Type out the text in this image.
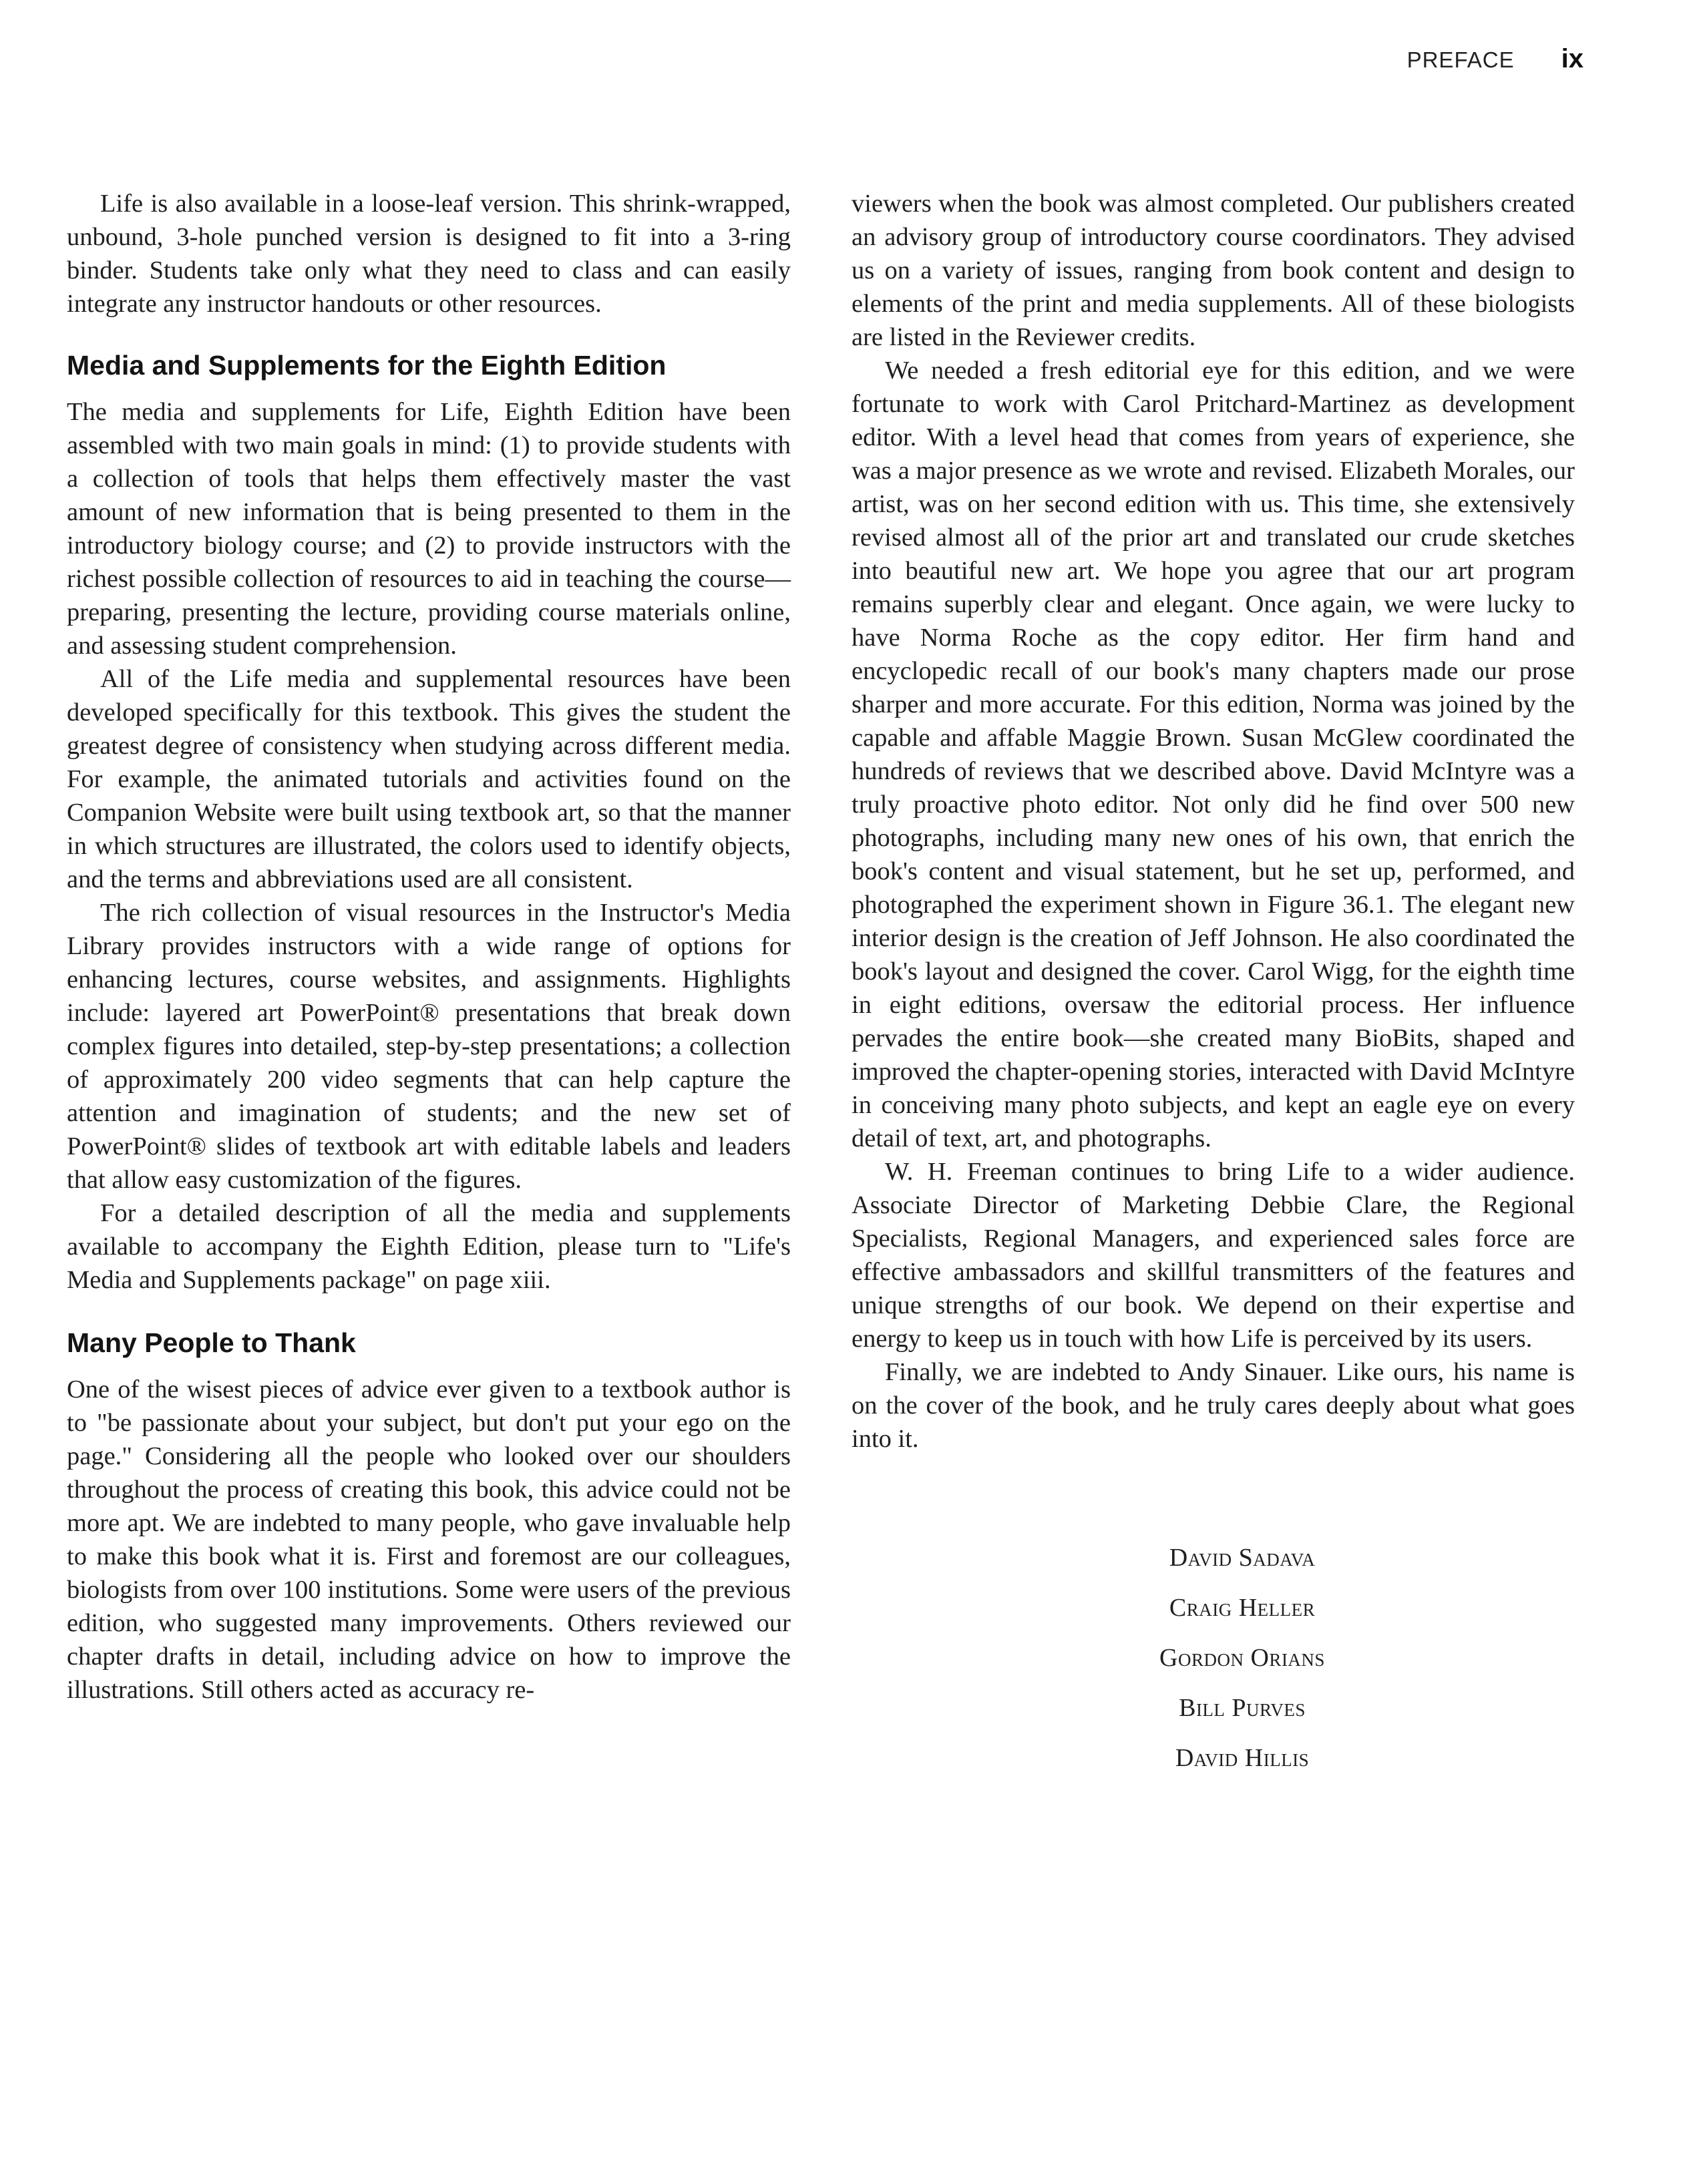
PREFACE ix

Life is also available in a loose-leaf version. This shrink-wrapped, unbound, 3-hole punched version is designed to fit into a 3-ring binder. Students take only what they need to class and can easily integrate any instructor handouts or other resources.

Media and Supplements for the Eighth Edition

The media and supplements for Life, Eighth Edition have been assembled with two main goals in mind: (1) to provide students with a collection of tools that helps them effectively master the vast amount of new information that is being presented to them in the introductory biology course; and (2) to provide instructors with the richest possible collection of resources to aid in teaching the course—preparing, presenting the lecture, providing course materials online, and assessing student comprehension.

All of the Life media and supplemental resources have been developed specifically for this textbook. This gives the student the greatest degree of consistency when studying across different media. For example, the animated tutorials and activities found on the Companion Website were built using textbook art, so that the manner in which structures are illustrated, the colors used to identify objects, and the terms and abbreviations used are all consistent.

The rich collection of visual resources in the Instructor's Media Library provides instructors with a wide range of options for enhancing lectures, course websites, and assignments. Highlights include: layered art PowerPoint® presentations that break down complex figures into detailed, step-by-step presentations; a collection of approximately 200 video segments that can help capture the attention and imagination of students; and the new set of PowerPoint® slides of textbook art with editable labels and leaders that allow easy customization of the figures.

For a detailed description of all the media and supplements available to accompany the Eighth Edition, please turn to "Life's Media and Supplements package" on page xiii.

Many People to Thank

One of the wisest pieces of advice ever given to a textbook author is to "be passionate about your subject, but don't put your ego on the page." Considering all the people who looked over our shoulders throughout the process of creating this book, this advice could not be more apt. We are indebted to many people, who gave invaluable help to make this book what it is. First and foremost are our colleagues, biologists from over 100 institutions. Some were users of the previous edition, who suggested many improvements. Others reviewed our chapter drafts in detail, including advice on how to improve the illustrations. Still others acted as accuracy re-

viewers when the book was almost completed. Our publishers created an advisory group of introductory course coordinators. They advised us on a variety of issues, ranging from book content and design to elements of the print and media supplements. All of these biologists are listed in the Reviewer credits.

We needed a fresh editorial eye for this edition, and we were fortunate to work with Carol Pritchard-Martinez as development editor. With a level head that comes from years of experience, she was a major presence as we wrote and revised. Elizabeth Morales, our artist, was on her second edition with us. This time, she extensively revised almost all of the prior art and translated our crude sketches into beautiful new art. We hope you agree that our art program remains superbly clear and elegant. Once again, we were lucky to have Norma Roche as the copy editor. Her firm hand and encyclopedic recall of our book's many chapters made our prose sharper and more accurate. For this edition, Norma was joined by the capable and affable Maggie Brown. Susan McGlew coordinated the hundreds of reviews that we described above. David McIntyre was a truly proactive photo editor. Not only did he find over 500 new photographs, including many new ones of his own, that enrich the book's content and visual statement, but he set up, performed, and photographed the experiment shown in Figure 36.1. The elegant new interior design is the creation of Jeff Johnson. He also coordinated the book's layout and designed the cover. Carol Wigg, for the eighth time in eight editions, oversaw the editorial process. Her influence pervades the entire book—she created many BioBits, shaped and improved the chapter-opening stories, interacted with David McIntyre in conceiving many photo subjects, and kept an eagle eye on every detail of text, art, and photographs.

W. H. Freeman continues to bring Life to a wider audience. Associate Director of Marketing Debbie Clare, the Regional Specialists, Regional Managers, and experienced sales force are effective ambassadors and skillful transmitters of the features and unique strengths of our book. We depend on their expertise and energy to keep us in touch with how Life is perceived by its users.

Finally, we are indebted to Andy Sinauer. Like ours, his name is on the cover of the book, and he truly cares deeply about what goes into it.

David Sadava
Craig Heller
Gordon Orians
Bill Purves
David Hillis
